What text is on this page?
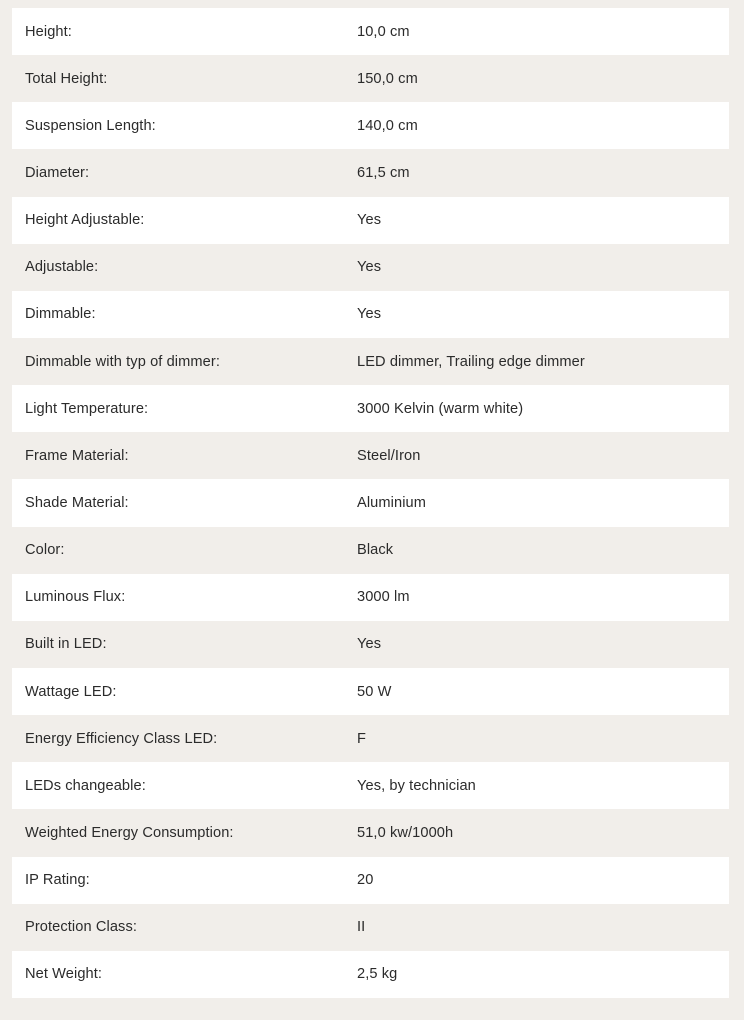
Height:	10,0 cm
Total Height:	150,0 cm
Suspension Length:	140,0 cm
Diameter:	61,5 cm
Height Adjustable:	Yes
Adjustable:	Yes
Dimmable:	Yes
Dimmable with typ of dimmer:	LED dimmer, Trailing edge dimmer
Light Temperature:	3000 Kelvin (warm white)
Frame Material:	Steel/Iron
Shade Material:	Aluminium
Color:	Black
Luminous Flux:	3000 lm
Built in LED:	Yes
Wattage LED:	50 W
Energy Efficiency Class LED:	F
LEDs changeable:	Yes, by technician
Weighted Energy Consumption:	51,0 kw/1000h
IP Rating:	20
Protection Class:	II
Net Weight:	2,5 kg
